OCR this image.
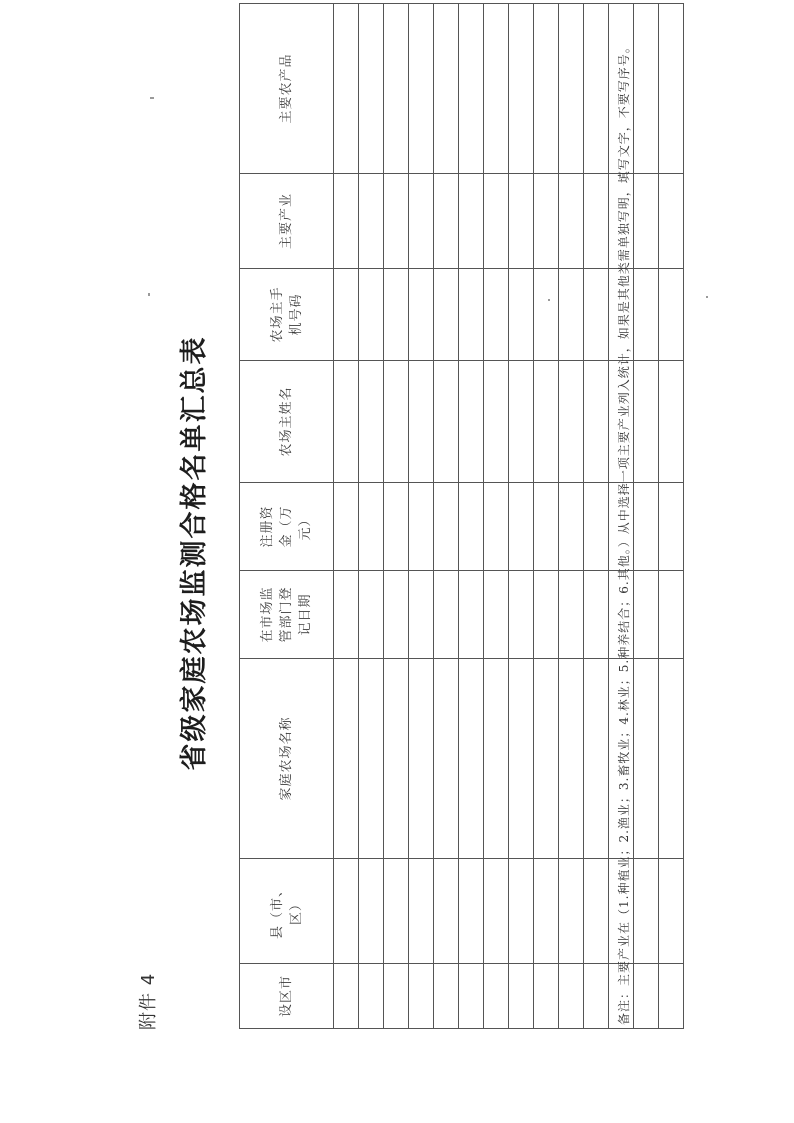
附件 4
省级家庭农场监测合格名单汇总表
设区市	县（市、区）	家庭农场名称	在市场监管部门登记日期	注册资金（万元）	农场主姓名	农场主手机号码	主要产业	主要农产品

									备注：主要产业在（1.种植业；2.渔业；3.畜牧业；4.林业；5.种养结合；6.其他。）从中选择一项主要产业列入统计，如果是其他类需单独写明，填写文字，不要写序号。
